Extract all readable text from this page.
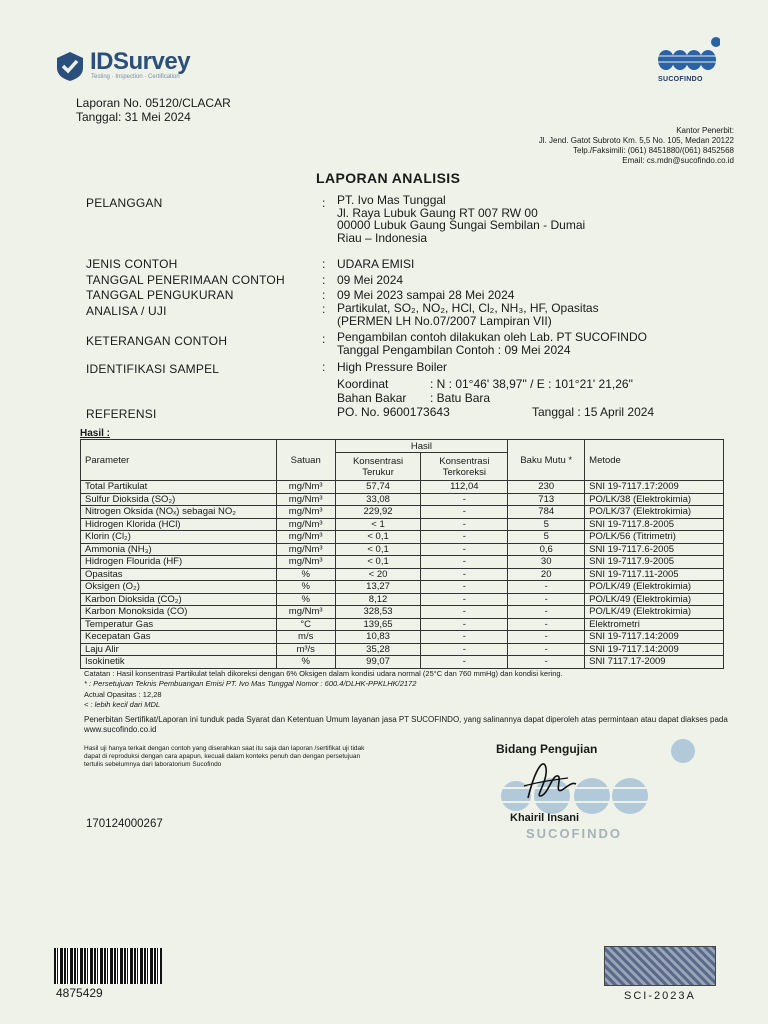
IDSurvey
Testing · Inspection · Certification	SUCOFINDO
Laporan No. 05120/CLACAR
Tanggal: 31 Mei 2024
Kantor Penerbit:
Jl. Jend. Gatot Subroto Km. 5,5 No. 105, Medan 20122
Telp./Faksimili: (061) 8451880/(061) 8452568
Email: cs.mdn@sucofindo.co.id
LAPORAN ANALISIS
PELANGGAN	: PT. Ivo Mas Tunggal
Jl. Raya Lubuk Gaung RT 007 RW 00
00000 Lubuk Gaung Sungai Sembilan - Dumai
Riau – Indonesia
JENIS CONTOH	: UDARA EMISI
TANGGAL PENERIMAAN CONTOH	: 09 Mei 2024
TANGGAL PENGUKURAN	: 09 Mei 2023 sampai 28 Mei 2024
ANALISA / UJI	: Partikulat, SO₂, NO₂, HCl, Cl₂, NH₃, HF, Opasitas
(PERMEN LH No.07/2007 Lampiran VII)
KETERANGAN CONTOH	: Pengambilan contoh dilakukan oleh Lab. PT SUCOFINDO
Tanggal Pengambilan Contoh : 09 Mei 2024
IDENTIFIKASI SAMPEL	: High Pressure Boiler
Koordinat	: N : 01°46' 38,97" / E : 101°21' 21,26"
Bahan Bakar : Batu Bara
REFERENSI	PO. No. 9600173643	Tanggal : 15 April 2024
Hasil :
Parameter	Satuan	Hasil		Baku Mutu *	Metode
		Konsentrasi Terukur	Konsentrasi Terkoreksi		

Total Partikulat	mg/Nm³	57,74	112,04	230	SNI 19-7117.17:2009
Sulfur Dioksida (SO₂)	mg/Nm³	33,08	-	713	PO/LK/38 (Elektrokimia)
Nitrogen Oksida (NOₓ) sebagai NO₂	mg/Nm³	229,92	-	784	PO/LK/37 (Elektrokimia)
Hidrogen Klorida (HCl)	mg/Nm³	< 1	-	5	SNI 19-7117.8-2005
Klorin (Cl₂)	mg/Nm³	< 0,1	-	5	PO/LK/56 (Titrimetri)
Ammonia (NH₃)	mg/Nm³	< 0,1	-	0,6	SNI 19-7117.6-2005
Hidrogen Flourida (HF)	mg/Nm³	< 0,1	-	30	SNI 19-7117.9-2005
Opasitas	%	< 20	-	20	SNI 19-7117.11-2005
Oksigen (O₂)	%	13,27	-	-	PO/LK/49 (Elektrokimia)
Karbon Dioksida (CO₂)	%	8,12	-	-	PO/LK/49 (Elektrokimia)
Karbon Monoksida (CO)	mg/Nm³	328,53	-	-	PO/LK/49 (Elektrokimia)
Temperatur Gas	°C	139,65	-	-	Elektrometri
Kecepatan Gas	m/s	10,83	-	-	SNI 19-7117.14:2009
Laju Alir	m³/s	35,28	-	-	SNI 19-7117.14:2009
Isokinetik	%	99,07	-	-	SNI 7117.17-2009
Catatan : Hasil konsentrasi Partikulat telah dikoreksi dengan 6% Oksigen dalam kondisi udara normal (25°C dan 760 mmHg) dan kondisi kering.
* : Persetujuan Teknis Pembuangan Emisi PT. Ivo Mas Tunggal Nomor : 600.4/DLHK-PPKLHK/2172
Actual Opasitas : 12,28
< : lebih kecil dari MDL
Penerbitan Sertifikat/Laporan ini tunduk pada Syarat dan Ketentuan Umum layanan jasa PT SUCOFINDO, yang salinannya dapat diperoleh atas permintaan atau dapat diakses pada www.sucofindo.co.id
Hasil uji hanya terkait dengan contoh yang diserahkan saat itu saja dan laporan /sertifikat uji tidak dapat di reproduksi dengan cara apapun, kecuali dalam konteks penuh dan dengan persetujuan tertulis sebelumnya dari laboratorium Sucofindo
Bidang Pengujian
Khairil Insani
SUCOFINDO
170124000267
4875429	SCI-2023A
